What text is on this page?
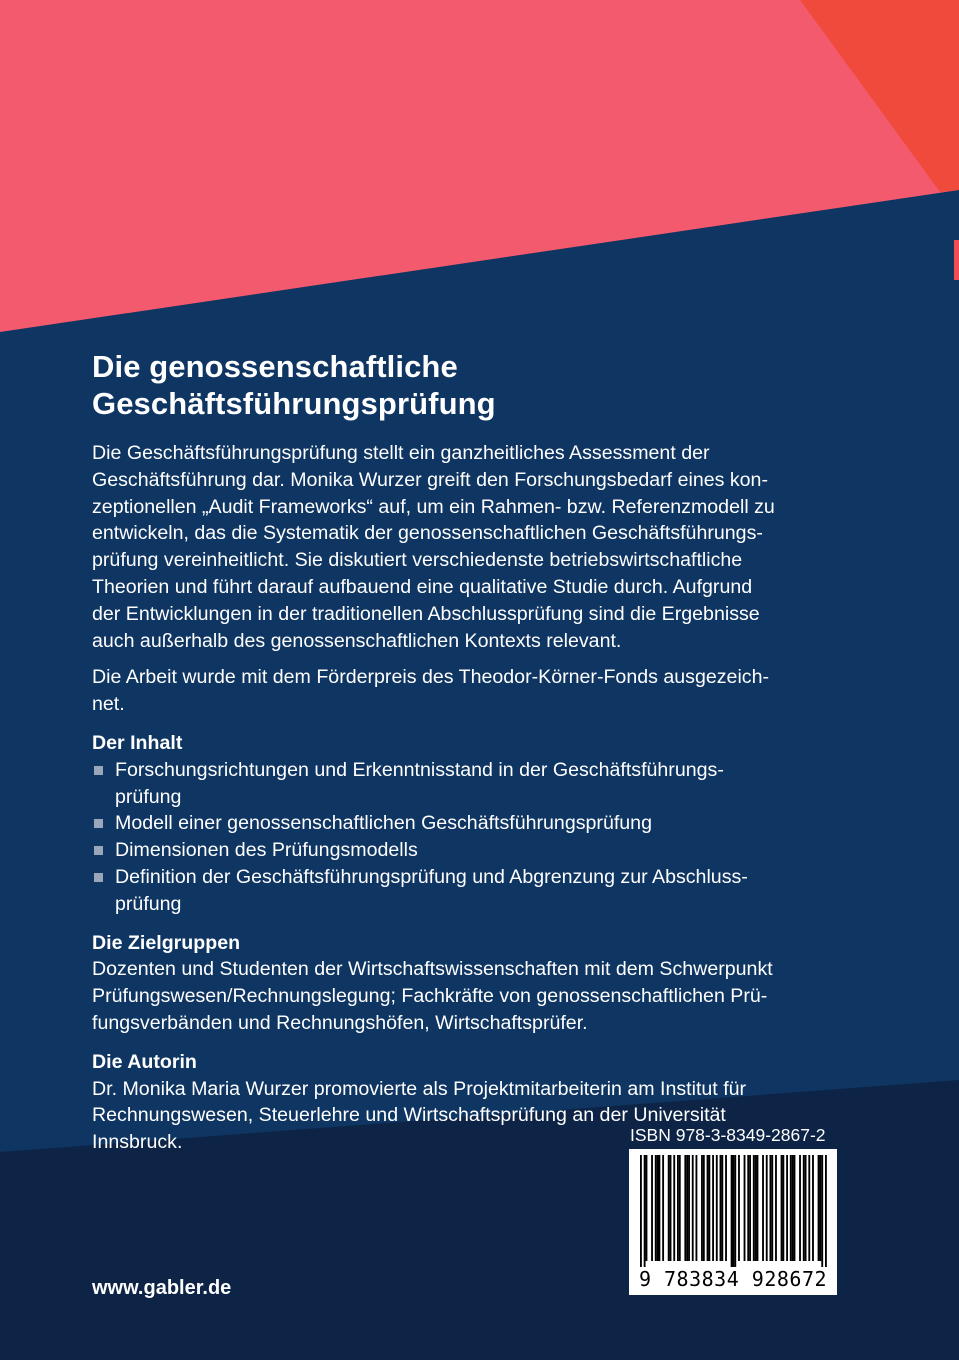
Die genossenschaftliche
Geschäftsführungsprüfung

Die Geschäftsführungsprüfung stellt ein ganzheitliches Assessment der
Geschäftsführung dar. Monika Wurzer greift den Forschungsbedarf eines kon-
zeptionellen „Audit Frameworks“ auf, um ein Rahmen- bzw. Referenzmodell zu
entwickeln, das die Systematik der genossenschaftlichen Geschäftsführungs-
prüfung vereinheitlicht. Sie diskutiert verschiedenste betriebswirtschaftliche
Theorien und führt darauf aufbauend eine qualitative Studie durch. Aufgrund
der Entwicklungen in der traditionellen Abschlussprüfung sind die Ergebnisse
auch außerhalb des genossenschaftlichen Kontexts relevant.

Die Arbeit wurde mit dem Förderpreis des Theodor-Körner-Fonds ausgezeich-
net.

Der Inhalt
Forschungsrichtungen und Erkenntnisstand in der Geschäftsführungs-
prüfung
Modell einer genossenschaftlichen Geschäftsführungsprüfung
Dimensionen des Prüfungsmodells
Definition der Geschäftsführungsprüfung und Abgrenzung zur Abschluss-
prüfung
Die Zielgruppen

Dozenten und Studenten der Wirtschaftswissenschaften mit dem Schwerpunkt
Prüfungswesen/Rechnungslegung; Fachkräfte von genossenschaftlichen Prü-
fungsverbänden und Rechnungshöfen, Wirtschaftsprüfer.

Die Autorin

Dr. Monika Maria Wurzer promovierte als Projektmitarbeiterin am Institut für
Rechnungswesen, Steuerlehre und Wirtschaftsprüfung an der Universität
Innsbruck.	ISBN 978-3-8349-2867-2
9 783834 928672
www.gabler.de
